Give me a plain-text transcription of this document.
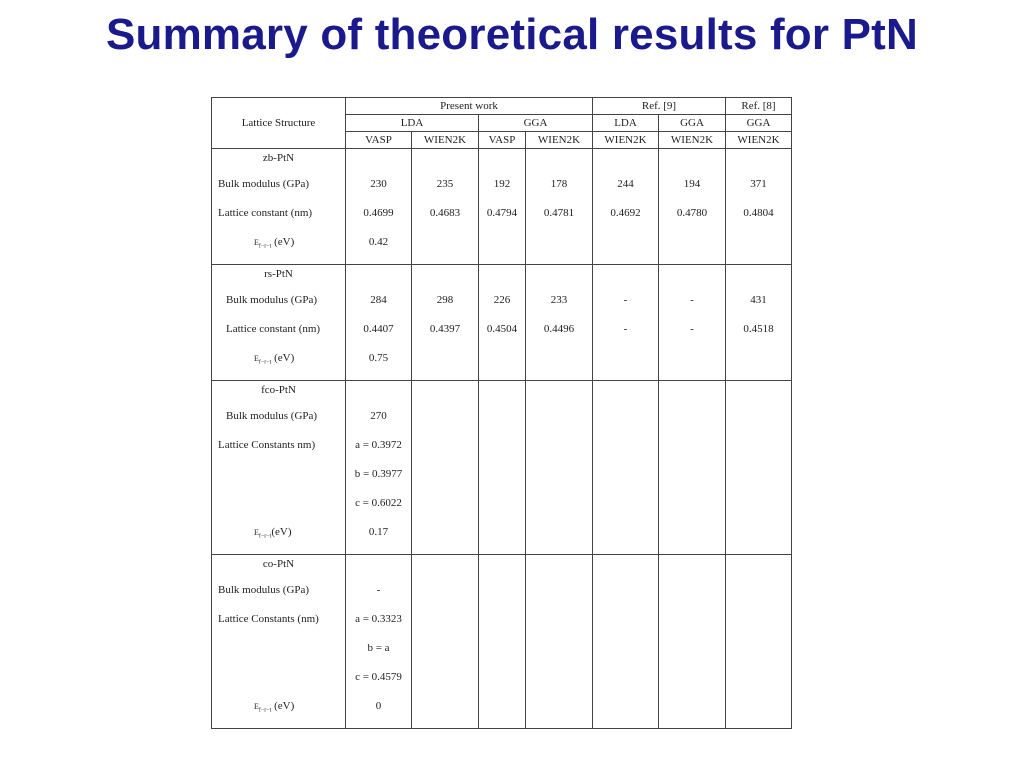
Summary of theoretical results for PtN
Lattice Structure	Present work				Ref. [9]		Ref. [8]
	LDA		GGA		LDA	GGA	GGA
	VASP	WIEN2K	VASP	WIEN2K	WIEN2K	WIEN2K	WIEN2K
zb-PtN							
Bulk modulus (GPa)	230	235	192	178	244	194	371
Lattice constant (nm)	0.4699	0.4683	0.4794	0.4781	0.4692	0.4780	0.4804
$E_{f-r-t}$ (eV)	0.42						
rs-PtN							
Bulk modulus (GPa)	284	298	226	233	-	-	431
Lattice constant (nm)	0.4407	0.4397	0.4504	0.4496	-	-	0.4518
$E_{f-r-t}$ (eV)	0.75						
fco-PtN							
Bulk modulus (GPa)	270						
Lattice Constants nm)	a = 0.3972						
	b = 0.3977						
	c = 0.6022						
$E_{f-r-t}(eV)$	0.17						
co-PtN							
Bulk modulus (GPa)	-						
Lattice Constants (nm)	a = 0.3323						
	b = a						
	c = 0.4579						
$E_{f-r-t}$ (eV)	0						
